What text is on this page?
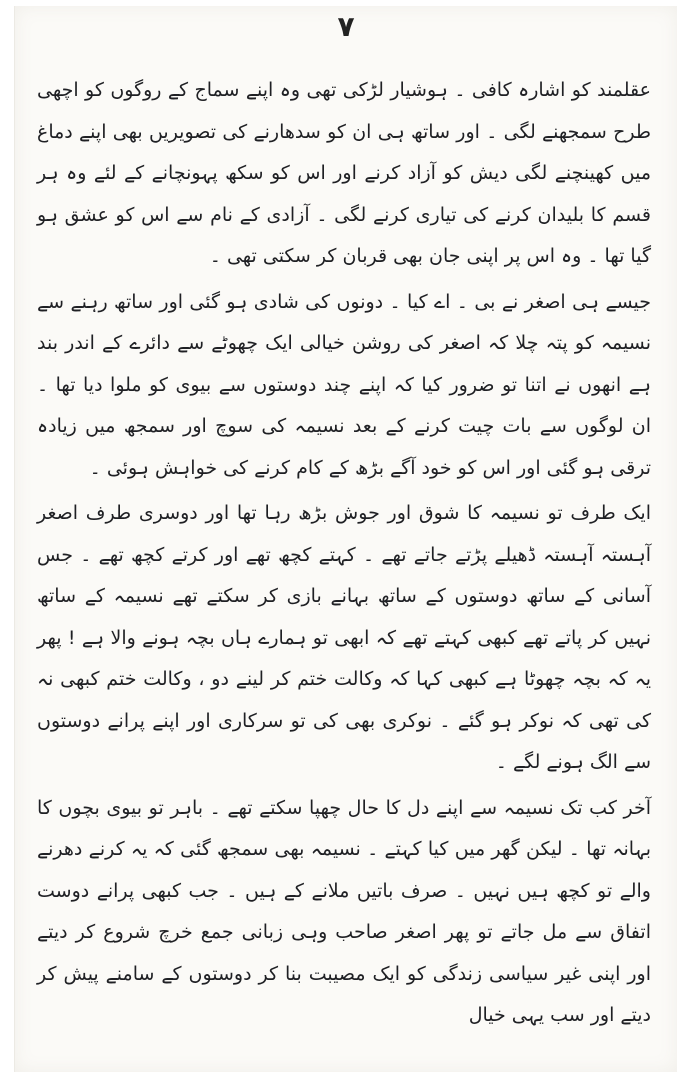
۷

عقلمند کو اشارہ کافی ۔ ہوشیار لڑکی تھی وہ اپنے سماج کے روگوں کو اچھی طرح سمجھنے لگی ۔ اور ساتھ ہی ان کو سدھارنے کی تصویریں بھی اپنے دماغ میں کھینچنے لگی دیش کو آزاد کرنے اور اس کو سکھ پہونچانے کے لئے وہ ہر قسم کا بلیدان کرنے کی تیاری کرنے لگی ۔ آزادی کے نام سے اس کو عشق ہو گیا تھا ۔ وہ اس پر اپنی جان بھی قربان کر سکتی تھی ۔

جیسے ہی اصغر نے بی ۔ اے کیا ۔ دونوں کی شادی ہو گئی اور ساتھ رہنے سے نسیمہ کو پتہ چلا کہ اصغر کی روشن خیالی ایک چھوٹے سے دائرے کے اندر بند ہے انھوں نے اتنا تو ضرور کیا کہ اپنے چند دوستوں سے بیوی کو ملوا دیا تھا ۔ ان لوگوں سے بات چیت کرنے کے بعد نسیمہ کی سوچ اور سمجھ میں زیادہ ترقی ہو گئی اور اس کو خود آگے بڑھ کے کام کرنے کی خواہش ہوئی ۔

ایک طرف تو نسیمہ کا شوق اور جوش بڑھ رہا تھا اور دوسری طرف اصغر آہستہ آہستہ ڈھیلے پڑتے جاتے تھے ۔ کہتے کچھ تھے اور کرتے کچھ تھے ۔ جس آسانی کے ساتھ دوستوں کے ساتھ بہانے بازی کر سکتے تھے نسیمہ کے ساتھ نہیں کر پاتے تھے کبھی کہتے تھے کہ ابھی تو ہمارے ہاں بچہ ہونے والا ہے ! پھر یہ کہ بچہ چھوٹا ہے کبھی کہا کہ وکالت ختم کر لینے دو ، وکالت ختم کبھی نہ کی تھی کہ نوکر ہو گئے ۔ نوکری بھی کی تو سرکاری اور اپنے پرانے دوستوں سے الگ ہونے لگے ۔

آخر کب تک نسیمہ سے اپنے دل کا حال چھپا سکتے تھے ۔ باہر تو بیوی بچوں کا بہانہ تھا ۔ لیکن گھر میں کیا کہتے ۔ نسیمہ بھی سمجھ گئی کہ یہ کرنے دھرنے والے تو کچھ ہیں نہیں ۔ صرف باتیں ملانے کے ہیں ۔ جب کبھی پرانے دوست اتفاق سے مل جاتے تو پھر اصغر صاحب وہی زبانی جمع خرچ شروع کر دیتے اور اپنی غیر سیاسی زندگی کو ایک مصیبت بنا کر دوستوں کے سامنے پیش کر دیتے اور سب یہی خیال
